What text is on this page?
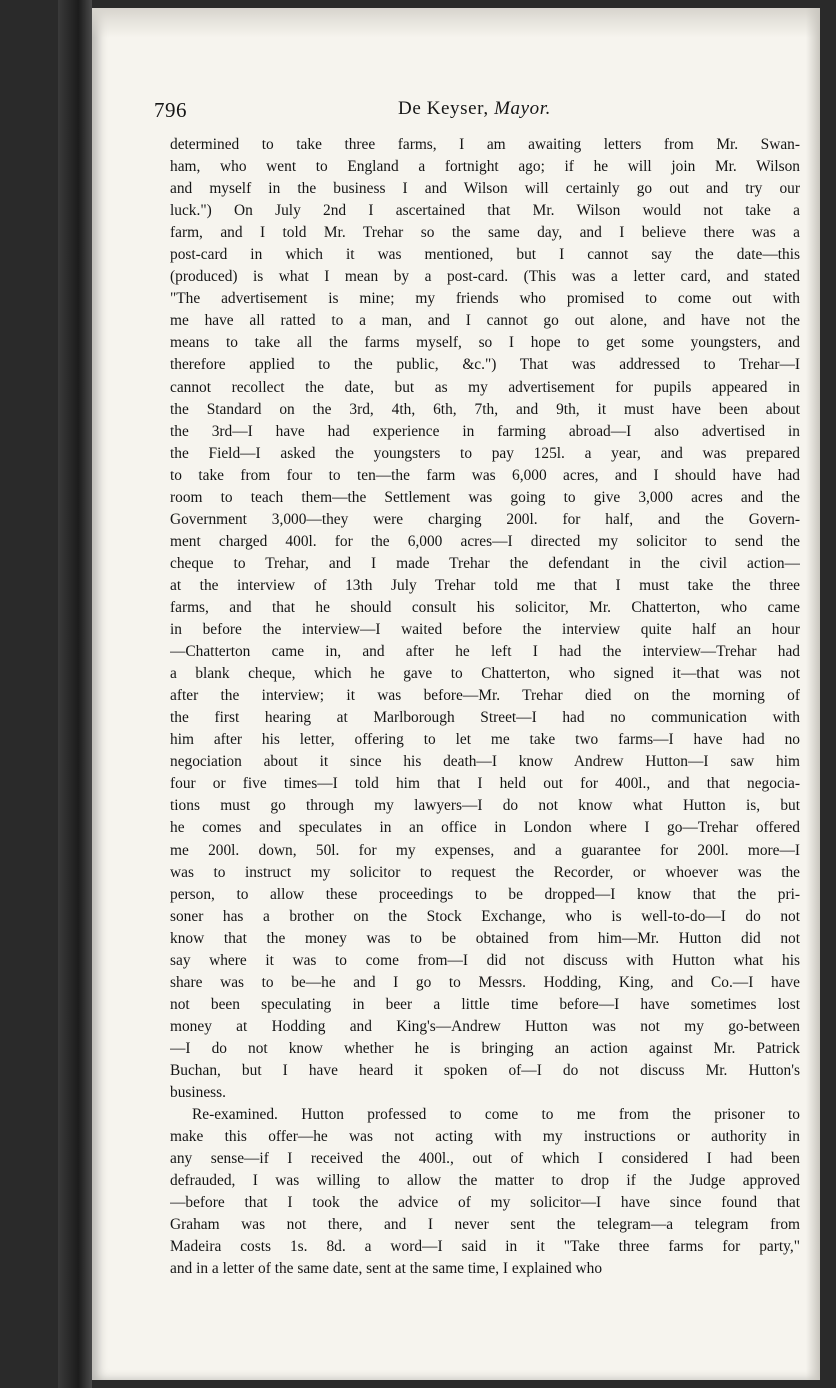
796	De Keyser, Mayor.
determined to take three farms, I am awaiting letters from Mr. Swan-
ham, who went to England a fortnight ago; if he will join Mr. Wilson
and myself in the business I and Wilson will certainly go out and try our
luck.") On July 2nd I ascertained that Mr. Wilson would not take a
farm, and I told Mr. Trehar so the same day, and I believe there was a
post-card in which it was mentioned, but I cannot say the date—this
(produced) is what I mean by a post-card. (This was a letter card, and stated
"The advertisement is mine; my friends who promised to come out with
me have all ratted to a man, and I cannot go out alone, and have not the
means to take all the farms myself, so I hope to get some youngsters, and
therefore applied to the public, &c.") That was addressed to Trehar—I
cannot recollect the date, but as my advertisement for pupils appeared in
the Standard on the 3rd, 4th, 6th, 7th, and 9th, it must have been about
the 3rd—I have had experience in farming abroad—I also advertised in
the Field—I asked the youngsters to pay 125l. a year, and was prepared
to take from four to ten—the farm was 6,000 acres, and I should have had
room to teach them—the Settlement was going to give 3,000 acres and the
Government 3,000—they were charging 200l. for half, and the Govern-
ment charged 400l. for the 6,000 acres—I directed my solicitor to send the
cheque to Trehar, and I made Trehar the defendant in the civil action—
at the interview of 13th July Trehar told me that I must take the three
farms, and that he should consult his solicitor, Mr. Chatterton, who came
in before the interview—I waited before the interview quite half an hour
—Chatterton came in, and after he left I had the interview—Trehar had
a blank cheque, which he gave to Chatterton, who signed it—that was not
after the interview; it was before—Mr. Trehar died on the morning of
the first hearing at Marlborough Street—I had no communication with
him after his letter, offering to let me take two farms—I have had no
negociation about it since his death—I know Andrew Hutton—I saw him
four or five times—I told him that I held out for 400l., and that negocia-
tions must go through my lawyers—I do not know what Hutton is, but
he comes and speculates in an office in London where I go—Trehar offered
me 200l. down, 50l. for my expenses, and a guarantee for 200l. more—I
was to instruct my solicitor to request the Recorder, or whoever was the
person, to allow these proceedings to be dropped—I know that the pri-
soner has a brother on the Stock Exchange, who is well-to-do—I do not
know that the money was to be obtained from him—Mr. Hutton did not
say where it was to come from—I did not discuss with Hutton what his
share was to be—he and I go to Messrs. Hodding, King, and Co.—I have
not been speculating in beer a little time before—I have sometimes lost
money at Hodding and King's—Andrew Hutton was not my go-between
—I do not know whether he is bringing an action against Mr. Patrick
Buchan, but I have heard it spoken of—I do not discuss Mr. Hutton's
business.
Re-examined. Hutton professed to come to me from the prisoner to
make this offer—he was not acting with my instructions or authority in
any sense—if I received the 400l., out of which I considered I had been
defrauded, I was willing to allow the matter to drop if the Judge approved
—before that I took the advice of my solicitor—I have since found that
Graham was not there, and I never sent the telegram—a telegram from
Madeira costs 1s. 8d. a word—I said in it "Take three farms for party,"
and in a letter of the same date, sent at the same time, I explained who
